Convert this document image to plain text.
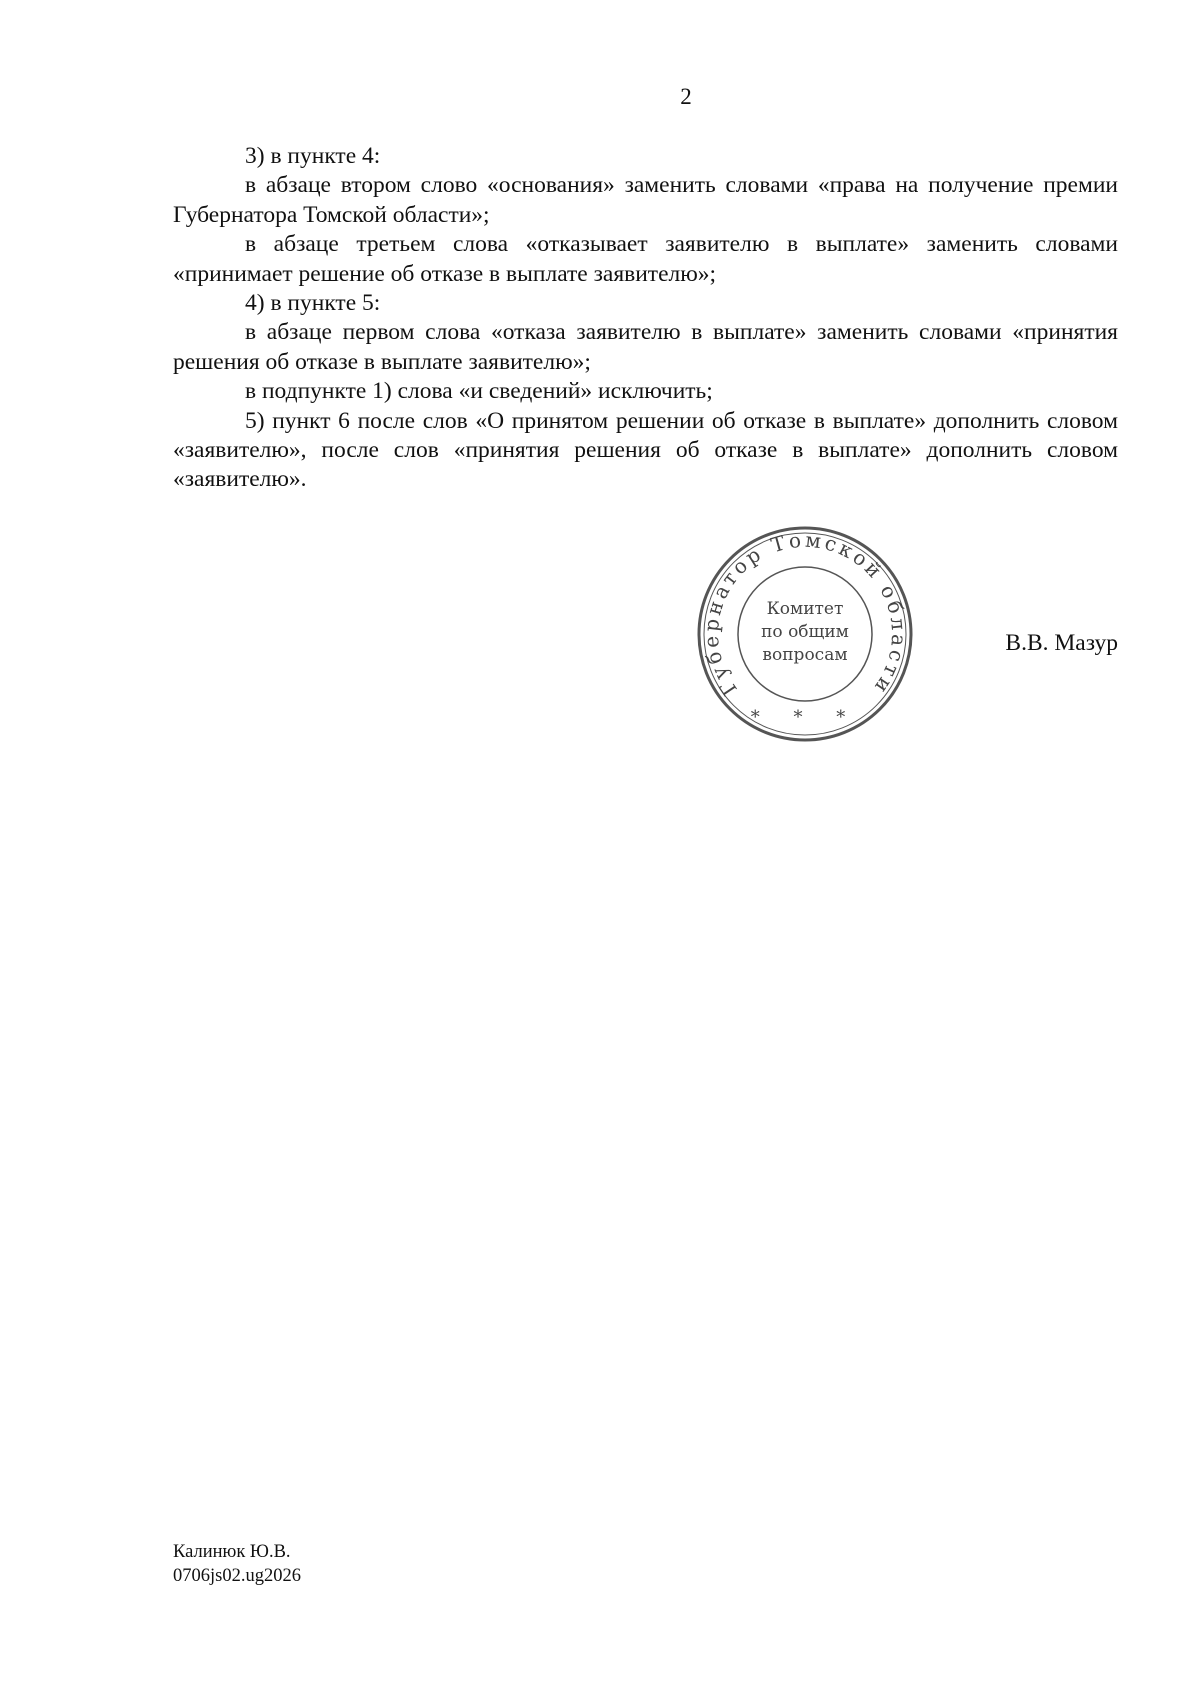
2

3) в пункте 4:

в абзаце втором слово «основания» заменить словами «права на получение премии Губернатора Томской области»;

в абзаце третьем слова «отказывает заявителю в выплате» заменить словами «принимает решение об отказе в выплате заявителю»;

4) в пункте 5:

в абзаце первом слова «отказа заявителю в выплате» заменить словами «принятия решения об отказе в выплате заявителю»;

в подпункте 1) слова «и сведений» исключить;

5) пункт 6 после слов «О принятом решении об отказе в выплате» дополнить словом «заявителю», после слов «принятия решения об отказе в выплате» дополнить словом «заявителю».

Губернатор Томской области
Комитет
по общим
вопросам
* * *
В.В. Мазур
Калинюк Ю.В.
0706js02.ug2026
